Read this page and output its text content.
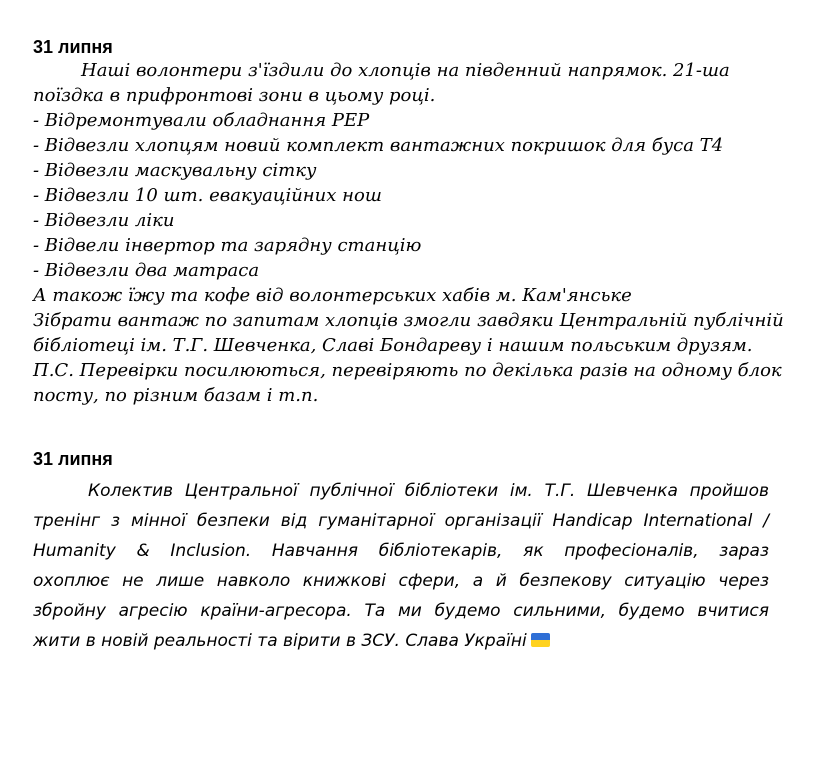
31 липня
Наші волонтери з'їздили до хлопців на південний напрямок. 21-ша
поїздка в прифронтові зони в цьому році.
- Відремонтували обладнання РЕР
- Відвезли хлопцям новий комплект вантажних покришок для буса Т4
- Відвезли маскувальну сітку
- Відвезли 10 шт. евакуаційних нош
- Відвезли ліки
- Відвели інвертор та зарядну станцію
- Відвезли два матраса
А також їжу та кофе від волонтерських хабів м. Кам'янське
Зібрати вантаж по запитам хлопців змогли завдяки Центральній публічній
бібліотеці ім. Т.Г. Шевченка, Славі Бондареву і нашим польським друзям.
П.С. Перевірки посилюються, перевіряють по декілька разів на одному блок
посту, по різним базам і т.п.
31 липня
Колектив Центральної публічної бібліотеки ім. Т.Г. Шевченка пройшов
тренінг з мінної безпеки від гуманітарної організації Handicap International /
Humanity & Inclusion. Навчання бібліотекарів, як професіоналів, зараз
охоплює не лише навколо книжкові сфери, а й безпекову ситуацію через
збройну агресію країни-агресора. Та ми будемо сильними, будемо вчитися
жити в новій реальності та вірити в ЗСУ. Слава Україні
